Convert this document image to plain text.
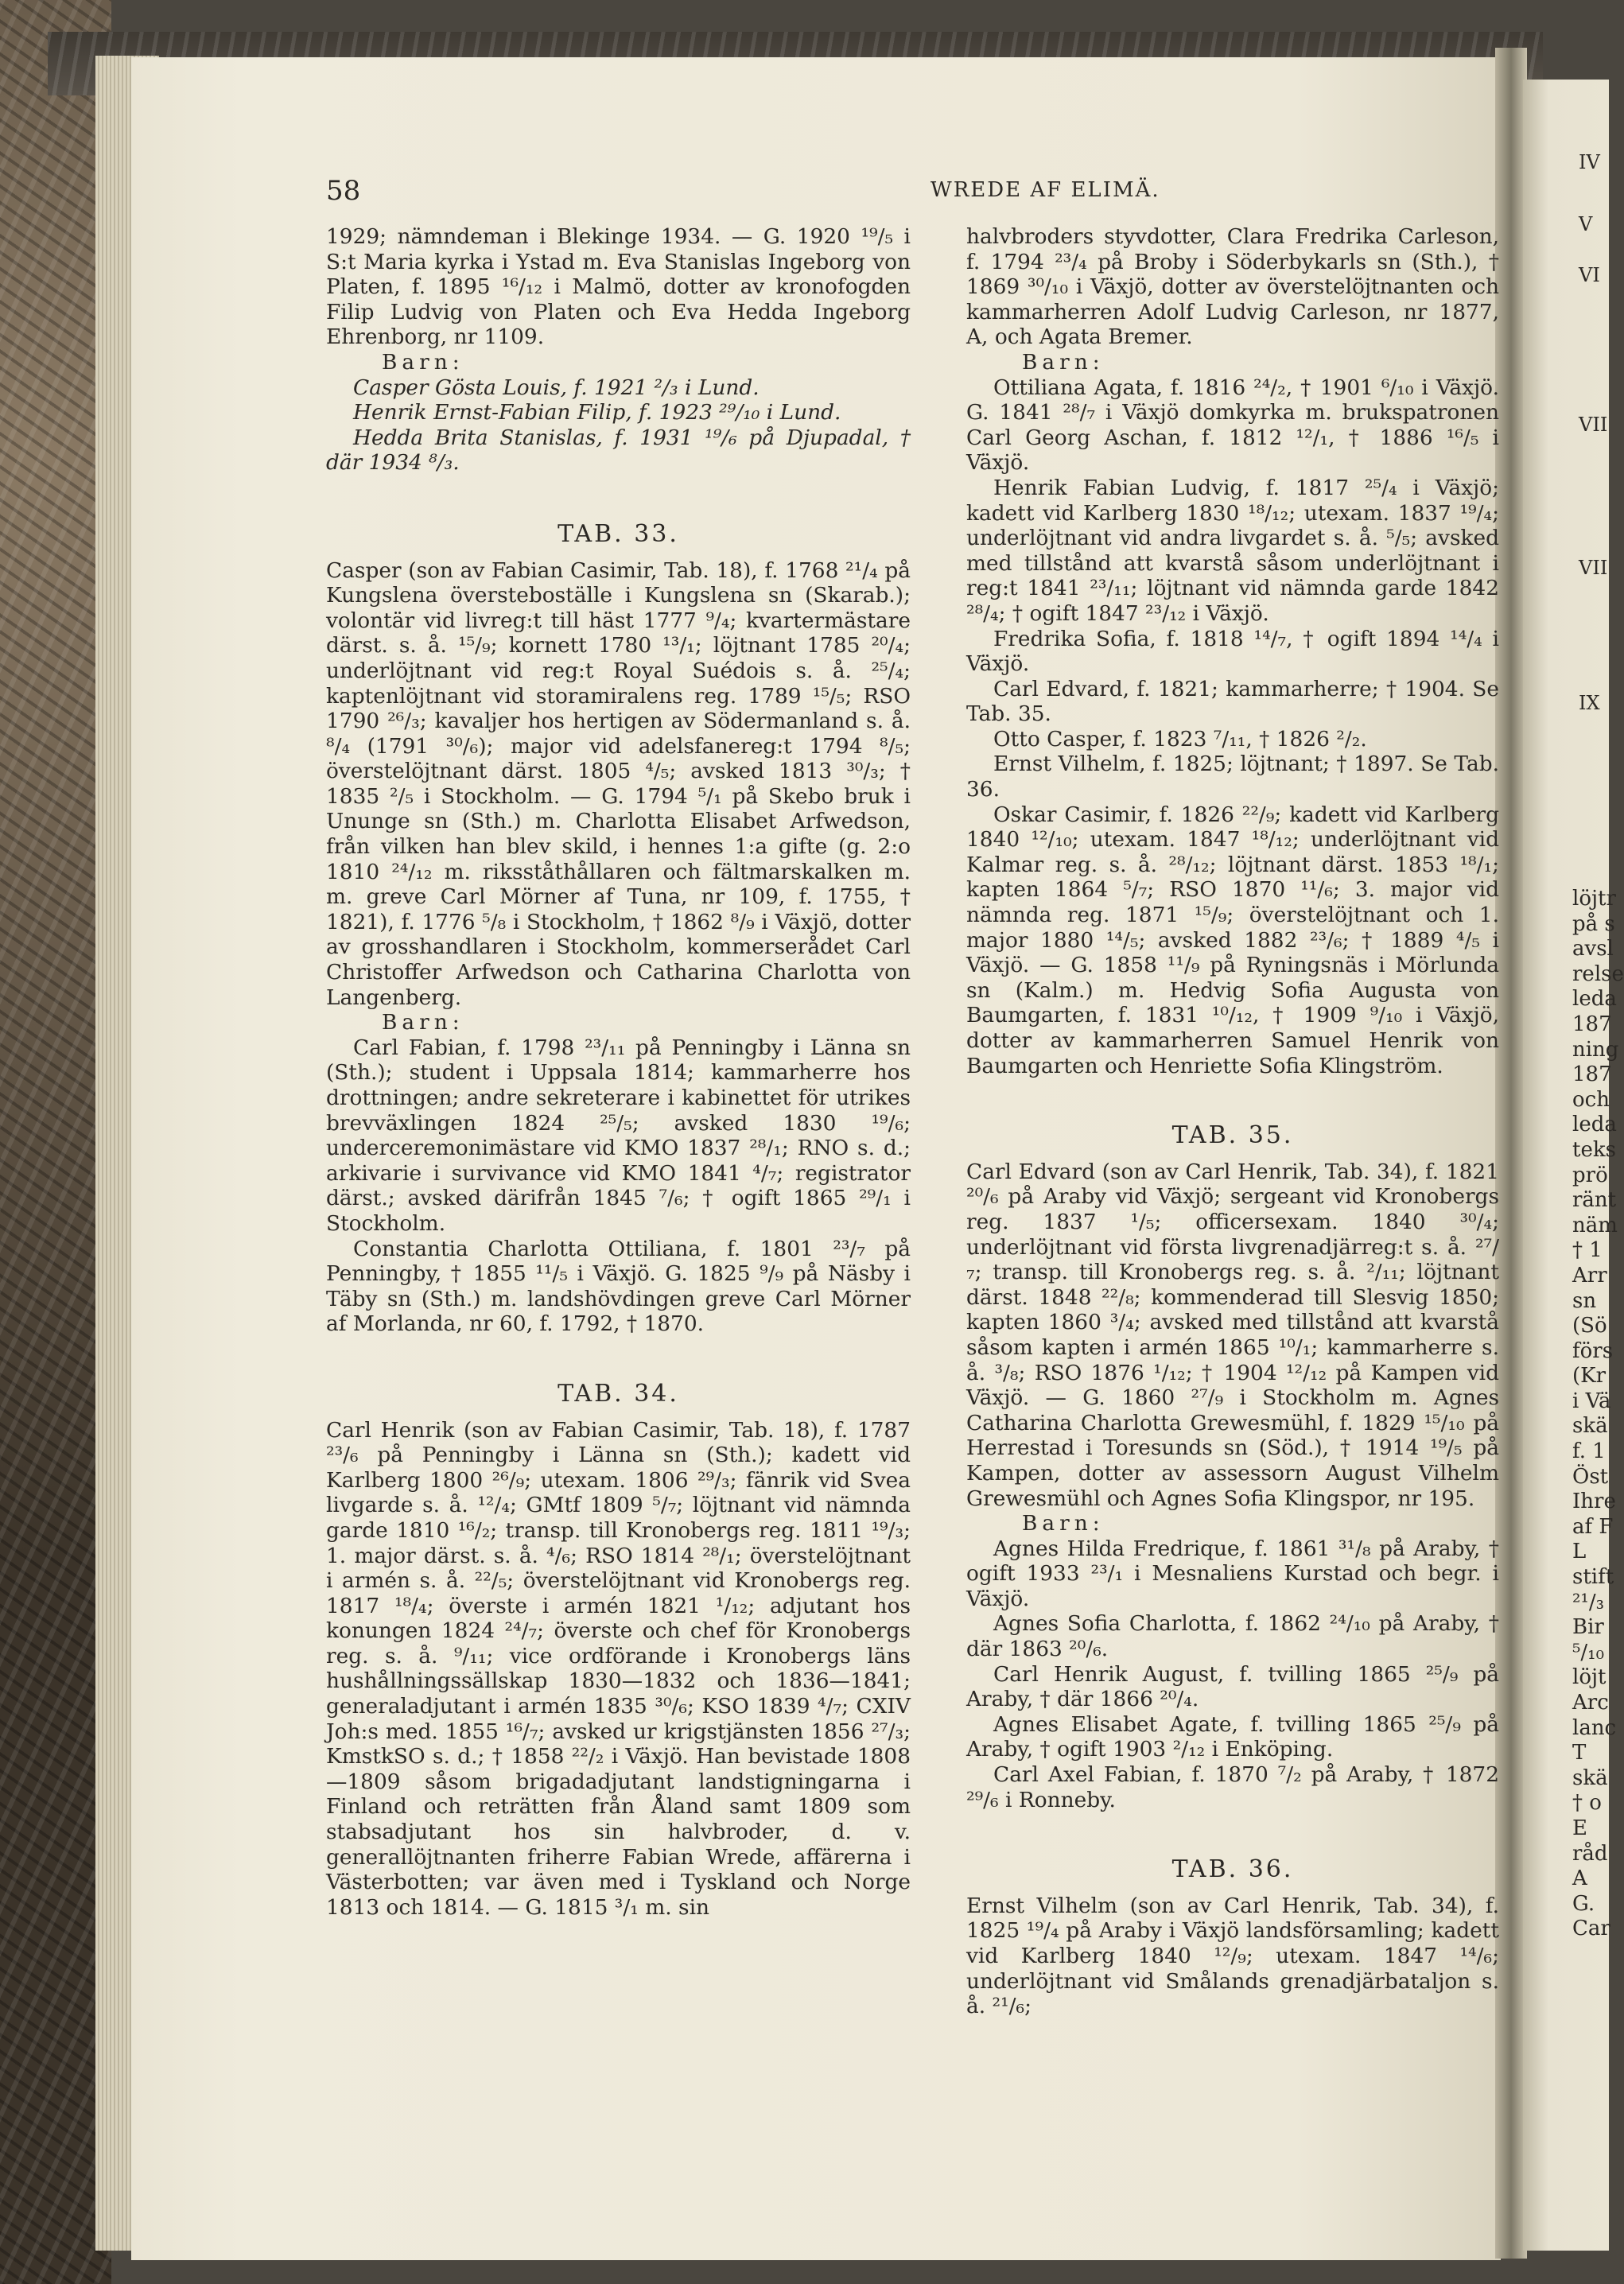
IV
V
VI
VII
VII
IX
löjtr
på s
avsl
relse
leda
187
ning
187
och
leda
teks
prö
ränt
näm
† 1
Arr
sn
(Sö
förs
(Kr
i Vä
skä
f. 1
Öst
Ihre
af F
L
stift
²¹/₃
Bir
⁵/₁₀
löjt
Arc
lanc
T
skä
† o
E
råd
A
G.
Car
58	WREDE AF ELIMÄ.

1929; nämndeman i Blekinge 1934. — G. 1920 ¹⁹/₅ i S:t Maria kyrka i Ystad m. Eva Stanislas Ingeborg von Platen, f. 1895 ¹⁶/₁₂ i Malmö, dotter av kronofogden Filip Ludvig von Platen och Eva Hedda Ingeborg Ehrenborg, nr 1109.

Barn:

Casper Gösta Louis, f. 1921 ²/₃ i Lund.

Henrik Ernst-Fabian Filip, f. 1923 ²⁹/₁₀ i Lund.

Hedda Brita Stanislas, f. 1931 ¹⁹/₆ på Djupadal, † där 1934 ⁸/₃.

TAB. 33.

Casper (son av Fabian Casimir, Tab. 18), f. 1768 ²¹/₄ på Kungslena översteboställe i Kungslena sn (Skarab.); volontär vid livreg:t till häst 1777 ⁹/₄; kvartermästare därst. s. å. ¹⁵/₉; kornett 1780 ¹³/₁; löjtnant 1785 ²⁰/₄; underlöjtnant vid reg:t Royal Suédois s. å. ²⁵/₄; kaptenlöjtnant vid storamiralens reg. 1789 ¹⁵/₅; RSO 1790 ²⁶/₃; kavaljer hos hertigen av Södermanland s. å. ⁸/₄ (1791 ³⁰/₆); major vid adelsfanereg:t 1794 ⁸/₅; överstelöjtnant därst. 1805 ⁴/₅; avsked 1813 ³⁰/₃; † 1835 ²/₅ i Stockholm. — G. 1794 ⁵/₁ på Skebo bruk i Ununge sn (Sth.) m. Charlotta Elisabet Arfwedson, från vilken han blev skild, i hennes 1:a gifte (g. 2:o 1810 ²⁴/₁₂ m. riksståthållaren och fältmarskalken m. m. greve Carl Mörner af Tuna, nr 109, f. 1755, † 1821), f. 1776 ⁵/₈ i Stockholm, † 1862 ⁸/₉ i Växjö, dotter av grosshandlaren i Stockholm, kommerserådet Carl Christoffer Arfwedson och Catharina Charlotta von Langenberg.

Barn:

Carl Fabian, f. 1798 ²³/₁₁ på Penningby i Länna sn (Sth.); student i Uppsala 1814; kammarherre hos drottningen; andre sekreterare i kabinettet för utrikes brevväxlingen 1824 ²⁵/₅; avsked 1830 ¹⁹/₆; underceremonimästare vid KMO 1837 ²⁸/₁; RNO s. d.; arkivarie i survivance vid KMO 1841 ⁴/₇; registrator därst.; avsked därifrån 1845 ⁷/₆; † ogift 1865 ²⁹/₁ i Stockholm.

Constantia Charlotta Ottiliana, f. 1801 ²³/₇ på Penningby, † 1855 ¹¹/₅ i Växjö. G. 1825 ⁹/₉ på Näsby i Täby sn (Sth.) m. landshövdingen greve Carl Mörner af Morlanda, nr 60, f. 1792, † 1870.

TAB. 34.

Carl Henrik (son av Fabian Casimir, Tab. 18), f. 1787 ²³/₆ på Penningby i Länna sn (Sth.); kadett vid Karlberg 1800 ²⁶/₉; utexam. 1806 ²⁹/₃; fänrik vid Svea livgarde s. å. ¹²/₄; GMtf 1809 ⁵/₇; löjtnant vid nämnda garde 1810 ¹⁶/₂; transp. till Kronobergs reg. 1811 ¹⁹/₃; 1. major därst. s. å. ⁴/₆; RSO 1814 ²⁸/₁; överstelöjtnant i armén s. å. ²²/₅; överstelöjtnant vid Kronobergs reg. 1817 ¹⁸/₄; överste i armén 1821 ¹/₁₂; adjutant hos konungen 1824 ²⁴/₇; överste och chef för Kronobergs reg. s. å. ⁹/₁₁; vice ordförande i Kronobergs läns hushållningssällskap 1830—1832 och 1836—1841; generaladjutant i armén 1835 ³⁰/₆; KSO 1839 ⁴/₇; CXIV Joh:s med. 1855 ¹⁶/₇; avsked ur krigstjänsten 1856 ²⁷/₃; KmstkSO s. d.; † 1858 ²²/₂ i Växjö. Han bevistade 1808—1809 såsom brigadadjutant landstigningarna i Finland och reträtten från Åland samt 1809 som stabsadjutant hos sin halvbroder, d. v. generallöjtnanten friherre Fabian Wrede, affärerna i Västerbotten; var även med i Tyskland och Norge 1813 och 1814. — G. 1815 ³/₁ m. sin

halvbroders styvdotter, Clara Fredrika Carleson, f. 1794 ²³/₄ på Broby i Söderbykarls sn (Sth.), † 1869 ³⁰/₁₀ i Växjö, dotter av överstelöjtnanten och kammarherren Adolf Ludvig Carleson, nr 1877, A, och Agata Bremer.

Barn:

Ottiliana Agata, f. 1816 ²⁴/₂, † 1901 ⁶/₁₀ i Växjö. G. 1841 ²⁸/₇ i Växjö domkyrka m. brukspatronen Carl Georg Aschan, f. 1812 ¹²/₁, † 1886 ¹⁶/₅ i Växjö.

Henrik Fabian Ludvig, f. 1817 ²⁵/₄ i Växjö; kadett vid Karlberg 1830 ¹⁸/₁₂; utexam. 1837 ¹⁹/₄; underlöjtnant vid andra livgardet s. å. ⁵/₅; avsked med tillstånd att kvarstå såsom underlöjtnant i reg:t 1841 ²³/₁₁; löjtnant vid nämnda garde 1842 ²⁸/₄; † ogift 1847 ²³/₁₂ i Växjö.

Fredrika Sofia, f. 1818 ¹⁴/₇, † ogift 1894 ¹⁴/₄ i Växjö.

Carl Edvard, f. 1821; kammarherre; † 1904. Se Tab. 35.

Otto Casper, f. 1823 ⁷/₁₁, † 1826 ²/₂.

Ernst Vilhelm, f. 1825; löjtnant; † 1897. Se Tab. 36.

Oskar Casimir, f. 1826 ²²/₉; kadett vid Karlberg 1840 ¹²/₁₀; utexam. 1847 ¹⁸/₁₂; underlöjtnant vid Kalmar reg. s. å. ²⁸/₁₂; löjtnant därst. 1853 ¹⁸/₁; kapten 1864 ⁵/₇; RSO 1870 ¹¹/₆; 3. major vid nämnda reg. 1871 ¹⁵/₉; överstelöjtnant och 1. major 1880 ¹⁴/₅; avsked 1882 ²³/₆; † 1889 ⁴/₅ i Växjö. — G. 1858 ¹¹/₉ på Ryningsnäs i Mörlunda sn (Kalm.) m. Hedvig Sofia Augusta von Baumgarten, f. 1831 ¹⁰/₁₂, † 1909 ⁹/₁₀ i Växjö, dotter av kammarherren Samuel Henrik von Baumgarten och Henriette Sofia Klingström.

TAB. 35.

Carl Edvard (son av Carl Henrik, Tab. 34), f. 1821 ²⁰/₆ på Araby vid Växjö; sergeant vid Kronobergs reg. 1837 ¹/₅; officersexam. 1840 ³⁰/₄; underlöjtnant vid första livgrenadjärreg:t s. å. ²⁷/₇; transp. till Kronobergs reg. s. å. ²/₁₁; löjtnant därst. 1848 ²²/₈; kommenderad till Slesvig 1850; kapten 1860 ³/₄; avsked med tillstånd att kvarstå såsom kapten i armén 1865 ¹⁰/₁; kammarherre s. å. ³/₈; RSO 1876 ¹/₁₂; † 1904 ¹²/₁₂ på Kampen vid Växjö. — G. 1860 ²⁷/₉ i Stockholm m. Agnes Catharina Charlotta Grewesmühl, f. 1829 ¹⁵/₁₀ på Herrestad i Toresunds sn (Söd.), † 1914 ¹⁹/₅ på Kampen, dotter av assessorn August Vilhelm Grewesmühl och Agnes Sofia Klingspor, nr 195.

Barn:

Agnes Hilda Fredrique, f. 1861 ³¹/₈ på Araby, † ogift 1933 ²³/₁ i Mesnaliens Kurstad och begr. i Växjö.

Agnes Sofia Charlotta, f. 1862 ²⁴/₁₀ på Araby, † där 1863 ²⁰/₆.

Carl Henrik August, f. tvilling 1865 ²⁵/₉ på Araby, † där 1866 ²⁰/₄.

Agnes Elisabet Agate, f. tvilling 1865 ²⁵/₉ på Araby, † ogift 1903 ²/₁₂ i Enköping.

Carl Axel Fabian, f. 1870 ⁷/₂ på Araby, † 1872 ²⁹/₆ i Ronneby.

TAB. 36.

Ernst Vilhelm (son av Carl Henrik, Tab. 34), f. 1825 ¹⁹/₄ på Araby i Växjö landsförsamling; kadett vid Karlberg 1840 ¹²/₉; utexam. 1847 ¹⁴/₆; underlöjtnant vid Smålands grenadjärbataljon s. å. ²¹/₆;
